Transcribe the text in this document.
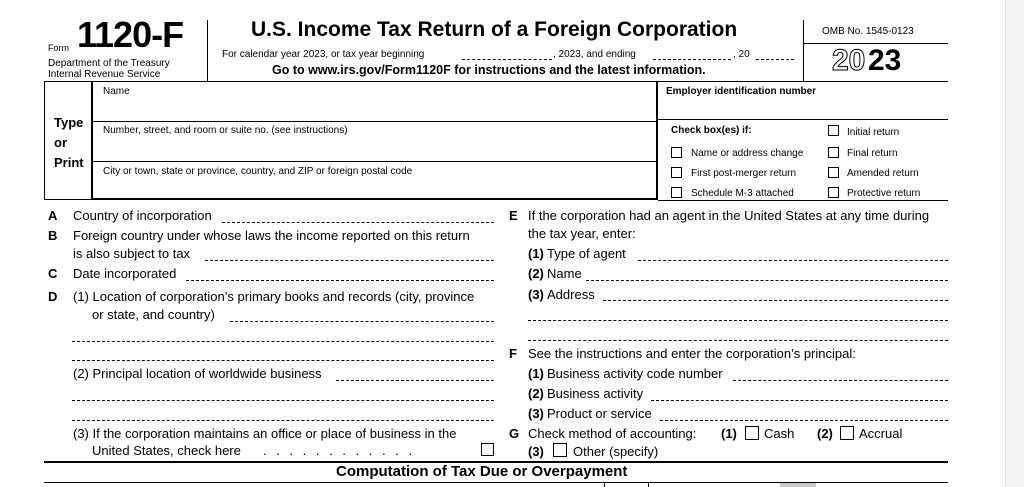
Form 1120-F
Department of the Treasury
Internal Revenue Service
U.S. Income Tax Return of a Foreign Corporation
For calendar year 2023, or tax year beginning	, 2023, and ending	, 20
Go to www.irs.gov/Form1120F for instructions and the latest information.
OMB No. 1545-0123
20 23
Type
or
Print
Name
Number, street, and room or suite no. (see instructions)
City or town, state or province, country, and ZIP or foreign postal code
Employer identification number
Check box(es) if:
Name or address change
First post-merger return
Schedule M-3 attached
Initial return
Final return
Amended return
Protective return
A Country of incorporation
B Foreign country under whose laws the income reported on this return
is also subject to tax
C Date incorporated
D (1) Location of corporation’s primary books and records (city, province
or state, and country)
(2) Principal location of worldwide business
(3) If the corporation maintains an office or place of business in the
United States, check here . . . . . . . . . . . .
E If the corporation had an agent in the United States at any time during
the tax year, enter:
(1) Type of agent
(2) Name
(3) Address
F See the instructions and enter the corporation’s principal:
(1) Business activity code number
(2) Business activity
(3) Product or service
G Check method of accounting: (1) Cash (2) Accrual
(3) Other (specify)
Computation of Tax Due or Overpayment
